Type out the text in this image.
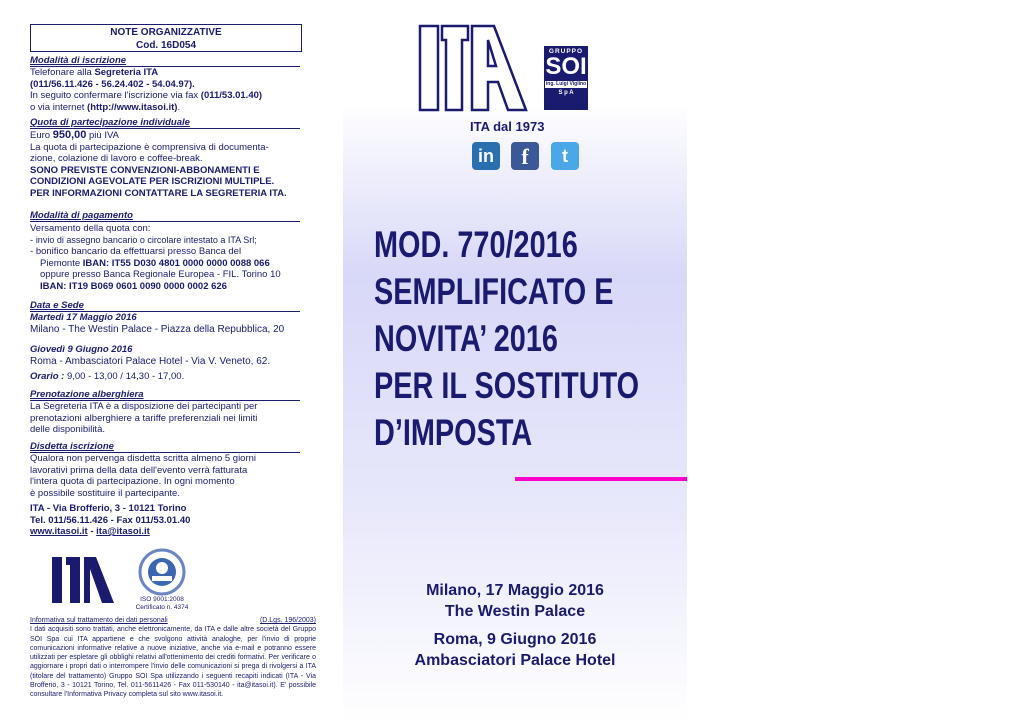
NOTE ORGANIZZATIVE
Cod. 16D054
Modalità di iscrizione
Telefonare alla Segreteria ITA
(011/56.11.426 - 56.24.402 - 54.04.97).
In seguito confermare l'iscrizione via fax (011/53.01.40)
o via internet (http://www.itasoi.it).
Quota di partecipazione individuale
Euro 950,00 più IVA
La quota di partecipazione è comprensiva di documenta-
zione, colazione di lavoro e coffee-break.
SONO PREVISTE CONVENZIONI-ABBONAMENTI E
CONDIZIONI AGEVOLATE PER ISCRIZIONI MULTIPLE.
PER INFORMAZIONI CONTATTARE LA SEGRETERIA ITA.
Modalità di pagamento
Versamento della quota con:
- invio di assegno bancario o circolare intestato a ITA Srl;
- bonifico bancario da effettuarsi presso Banca del
Piemonte IBAN: IT55 D030 4801 0000 0000 0088 066
oppure presso Banca Regionale Europea - FIL. Torino 10
IBAN: IT19 B069 0601 0090 0000 0002 626
Data e Sede
Martedì 17 Maggio 2016
Milano - The Westin Palace - Piazza della Repubblica, 20
Giovedì 9 Giugno 2016
Roma - Ambasciatori Palace Hotel - Via V. Veneto, 62.
Orario : 9,00 - 13,00 / 14,30 - 17,00.
Prenotazione alberghiera
La Segreteria ITA è a disposizione dei partecipanti per
prenotazioni alberghiere a tariffe preferenziali nei limiti
delle disponibilità.
Disdetta iscrizione
Qualora non pervenga disdetta scritta almeno 5 giorni
lavorativi prima della data dell'evento verrà fatturata
l'intera quota di partecipazione. In ogni momento
è possibile sostituire il partecipante.
ITA - Via Brofferio, 3 - 10121 Torino
Tel. 011/56.11.426 - Fax 011/53.01.40
www.itasoi.it - ita@itasoi.it
ISO 9001:2008
Certificato n. 4374
Informativa sul trattamento dei dati personali	(D.Lgs. 196/2003)
I dati acquisiti sono trattati, anche elettronicamente, da ITA e dalle altre società del Gruppo SOI Spa cui ITA appartiene e che svolgono attività analoghe, per l'invio di proprie comunicazioni informative relative a nuove iniziative, anche via e-mail e potranno essere utilizzati per espletare gli obblighi relativi all'ottenimento dei crediti formativi. Per verificare o aggiornare i propri dati o interrompere l'invio delle comunicazioni si prega di rivolgersi a ITA (titolare del trattamento) Gruppo SOI Spa utilizzando i seguenti recapiti indicati (ITA - Via Brofferio, 3 - 10121 Torino, Tel. 011-5611426 - Fax 011-530140 - ita@itasoi.it). E' possibile consultare l'Informativa Privacy completa sul sito www.itasoi.it.
GRUPPO
SOI
ing. Luigi Viglino
S p A
ITA dal 1973
in	f	t
MOD. 770/2016
SEMPLIFICATO E
NOVITA’ 2016
PER IL SOSTITUTO
D’IMPOSTA
Milano, 17 Maggio 2016
The Westin Palace
Roma, 9 Giugno 2016
Ambasciatori Palace Hotel
